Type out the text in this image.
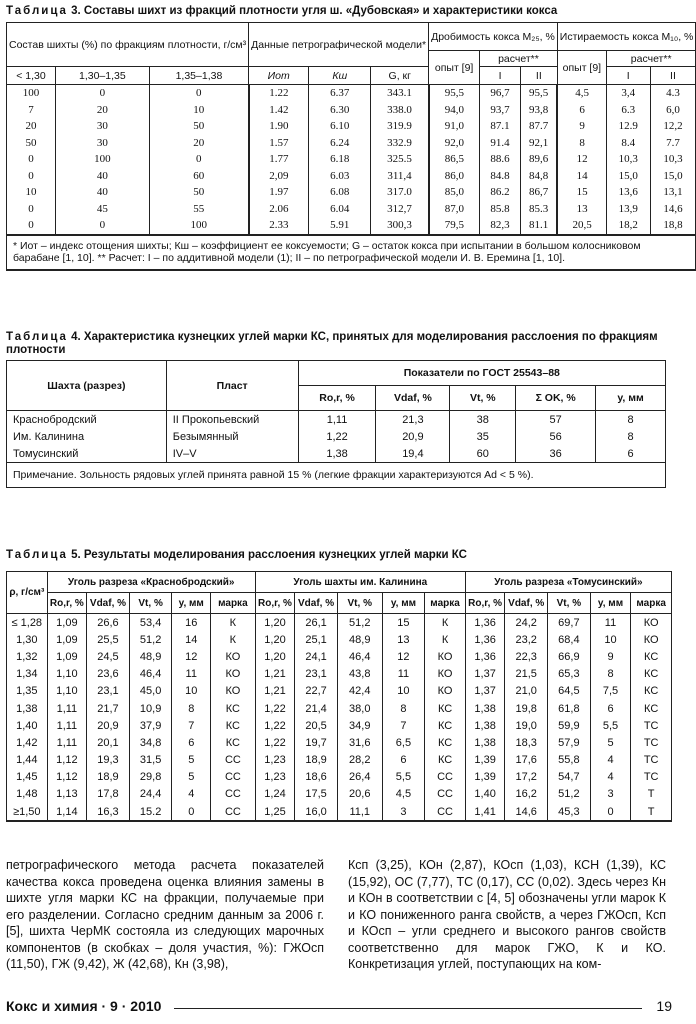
Таблица 3. Составы шихт из фракций плотности угля ш. «Дубовская» и характеристики кокса
Состав шихты (%) по фракциям плотности, г/см³			Данные петрографической модели*			Дробимость кокса M₂₅, %			Истираемость кокса M₁₀, %		
						опыт [9]	расчет**		опыт [9]	расчет**	
< 1,30	1,30–1,35	1,35–1,38	Иот	Кш	G, кг		I	II		I	II
100	0	0	1.22	6.37	343.1	95,5	96,7	95,5	4,5	3,4	4.3
7	20	10	1.42	6.30	338.0	94,0	93,7	93,8	6	6.3	6,0
20	30	50	1.90	6.10	319.9	91,0	87.1	87.7	9	12.9	12,2
50	30	20	1.57	6.24	332.9	92,0	91.4	92,1	8	8.4	7.7
0	100	0	1.77	6.18	325.5	86,5	88.6	89,6	12	10,3	10,3
0	40	60	2,09	6.03	311,4	86,0	84.8	84,8	14	15,0	15,0
10	40	50	1.97	6.08	317.0	85,0	86.2	86,7	15	13,6	13,1
0	45	55	2.06	6.04	312,7	87,0	85.8	85.3	13	13,9	14,6
0	0	100	2.33	5.91	300,3	79,5	82,3	81.1	20,5	18,2	18,8
* Иот – индекс отощения шихты; Кш – коэффициент ее коксуемости; G – остаток кокса при испытании в большом колосниковом барабане [1, 10]. ** Расчет: I – по аддитивной модели (1); II – по петрографической модели И. В. Еремина [1, 10].											
Таблица 4. Характеристика кузнецких углей марки КС, принятых для моделирования расслоения по фракциям плотности
Шахта (разрез)	Пласт	Показатели по ГОСТ 25543–88				
		Rо,r, %	Vdaf, %	Vt, %	Σ OK, %	y, мм
Краснобродский	II Прокопьевский	1,11	21,3	38	57	8
Им. Калинина	Безымянный	1,22	20,9	35	56	8
Томусинский	IV–V	1,38	19,4	60	36	6
Примечание. Зольность рядовых углей принята равной 15 % (легкие фракции характеризуются Ad < 5 %).						
Таблица 5. Результаты моделирования расслоения кузнецких углей марки КС
ρ, г/см³	Уголь разреза «Краснобродский»					Уголь шахты им. Калинина					Уголь разреза «Томусинский»				
	Rо,r, %	Vdaf, %	Vt, %	y, мм	марка	Rо,r, %	Vdaf, %	Vt, %	y, мм	марка	Rо,r, %	Vdaf, %	Vt, %	y, мм	марка
≤ 1,28	1,09	26,6	53,4	16	К	1,20	26,1	51,2	15	К	1,36	24,2	69,7	11	КО
1,30	1,09	25,5	51,2	14	К	1,20	25,1	48,9	13	К	1,36	23,2	68,4	10	КО
1,32	1,09	24,5	48,9	12	КО	1,20	24,1	46,4	12	КО	1,36	22,3	66,9	9	КС
1,34	1,10	23,6	46,4	11	КО	1,21	23,1	43,8	11	КО	1,37	21,5	65,3	8	КС
1,35	1,10	23,1	45,0	10	КО	1,21	22,7	42,4	10	КО	1,37	21,0	64,5	7,5	КС
1,38	1,11	21,7	10,9	8	КС	1,22	21,4	38,0	8	КС	1,38	19,8	61,8	6	КС
1,40	1,11	20,9	37,9	7	КС	1,22	20,5	34,9	7	КС	1,38	19,0	59,9	5,5	ТС
1,42	1,11	20,1	34,8	6	КС	1,22	19,7	31,6	6,5	КС	1,38	18,3	57,9	5	ТС
1,44	1,12	19,3	31,5	5	СС	1,23	18,9	28,2	6	КС	1,39	17,6	55,8	4	ТС
1,45	1,12	18,9	29,8	5	СС	1,23	18,6	26,4	5,5	СС	1,39	17,2	54,7	4	ТС
1,48	1,13	17,8	24,4	4	СС	1,24	17,5	20,6	4,5	СС	1,40	16,2	51,2	3	Т
≥1,50	1,14	16,3	15.2	0	СС	1,25	16,0	11,1	3	СС	1,41	14,6	45,3	0	Т

петрографического метода расчета показателей качества кокса проведена оценка влияния замены в шихте угля марки КС на фракции, получаемые при его разделении. Согласно средним данным за 2006 г. [5], шихта ЧерМК состояла из следующих марочных компонентов (в скобках – доля участия, %): ГЖОсп (11,50), ГЖ (9,42), Ж (42,68), Кн (3,98),

Ксп (3,25), КОн (2,87), КОсп (1,03), КСН (1,39), КС (15,92), ОС (7,77), ТС (0,17), СС (0,02). Здесь через Кн и КОн в соответствии с [4, 5] обозначены угли марок К и КО пониженного ранга свойств, а через ГЖОсп, Ксп и КОсп – угли среднего и высокого рангов свойств соответственно для марок ГЖО, К и КО. Конкретизация углей, поступающих на ком-

Кокс и химия · 9 · 2010	19
